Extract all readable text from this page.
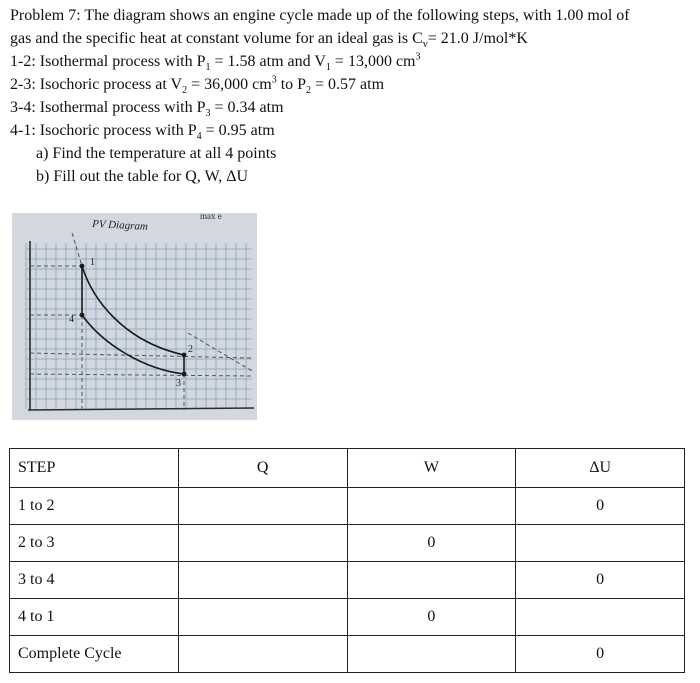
Problem 7: The diagram shows an engine cycle made up of the following steps, with 1.00 mol of
gas and the specific heat at constant volume for an ideal gas is $C_v= 21.0$ J/mol*K
1-2: Isothermal process with $P_1 = 1.58$ atm and $V_1 = 13,000$ $cm^3$
2-3: Isochoric process at $V_2 = 36,000$ $cm^3$ to $P_2 = 0.57$ atm
3-4: Isothermal process with $P_3 = 0.34$ atm
4-1: Isochoric process with $P_4 = 0.95$ atm
a) Find the temperature at all 4 points
b) Fill out the table for Q, W, ΔU
1
2
3
4
PV Diagram
max e
STEP	Q	W	ΔU
1 to 2			0
2 to 3		0	
3 to 4			0
4 to 1		0	
Complete Cycle			0
